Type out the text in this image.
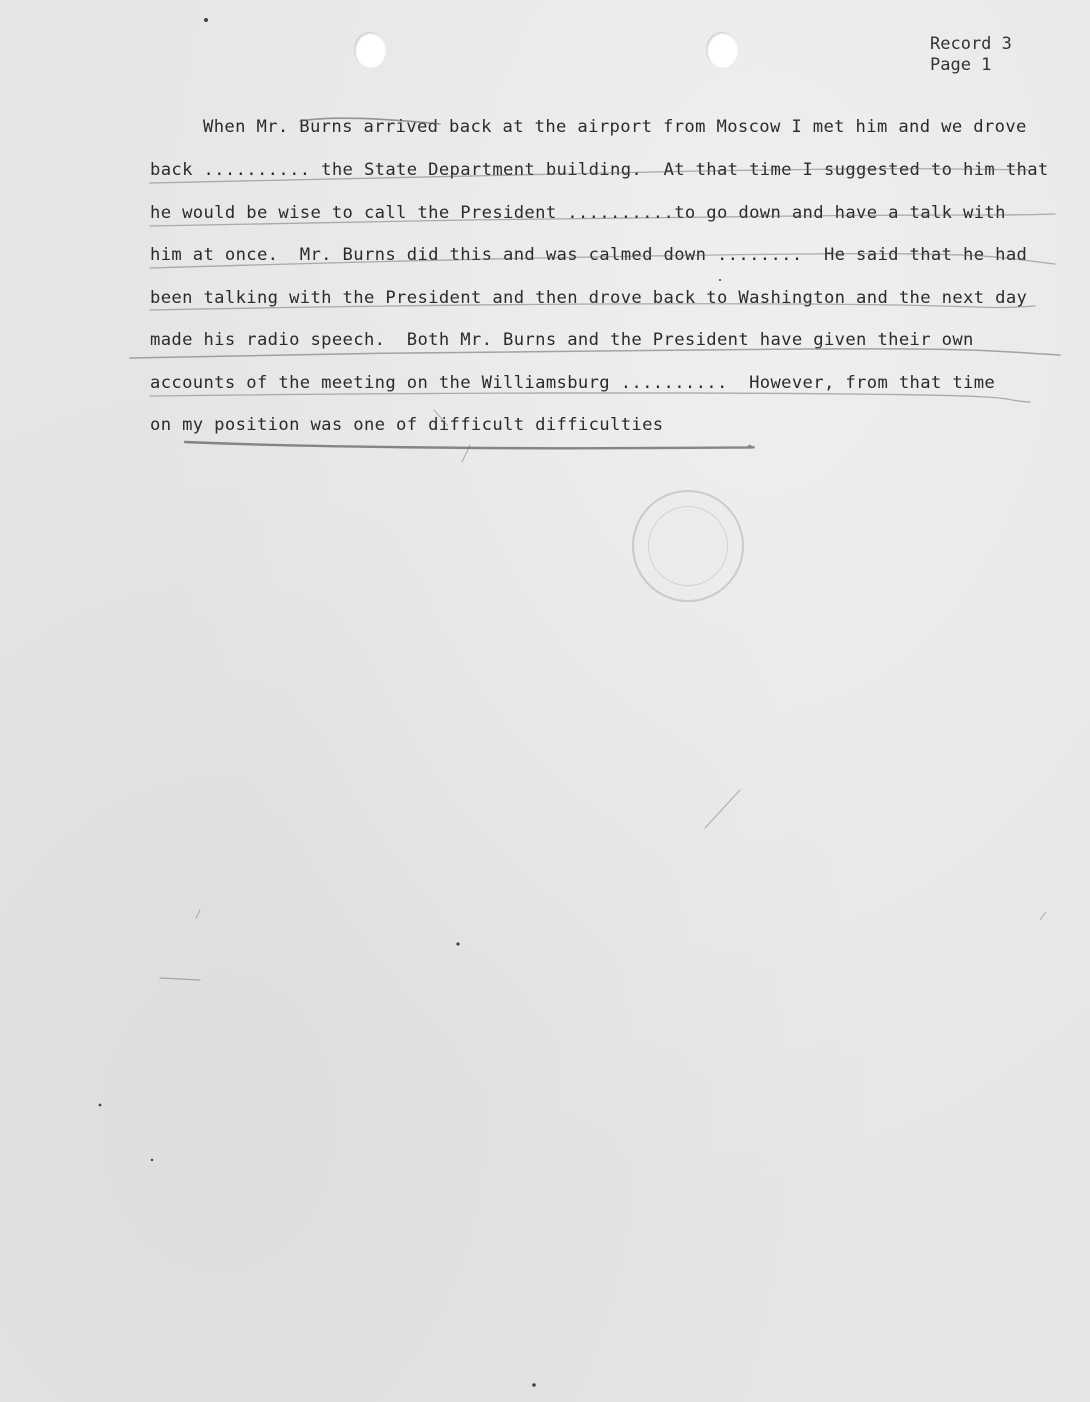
Record 3
Page 1
When Mr. Burns arrived back at the airport from Moscow I met him and we drove
back .......... the State Department building.  At that time I suggested to him that
he would be wise to call the President ..........to go down and have a talk with
him at once.  Mr. Burns did this and was calmed down ........  He said that he had
been talking with the President and then drove back to Washington and the next day
made his radio speech.  Both Mr. Burns and the President have given their own
accounts of the meeting on the Williamsburg ..........  However, from that time
on my position was one of difficult difficulties
